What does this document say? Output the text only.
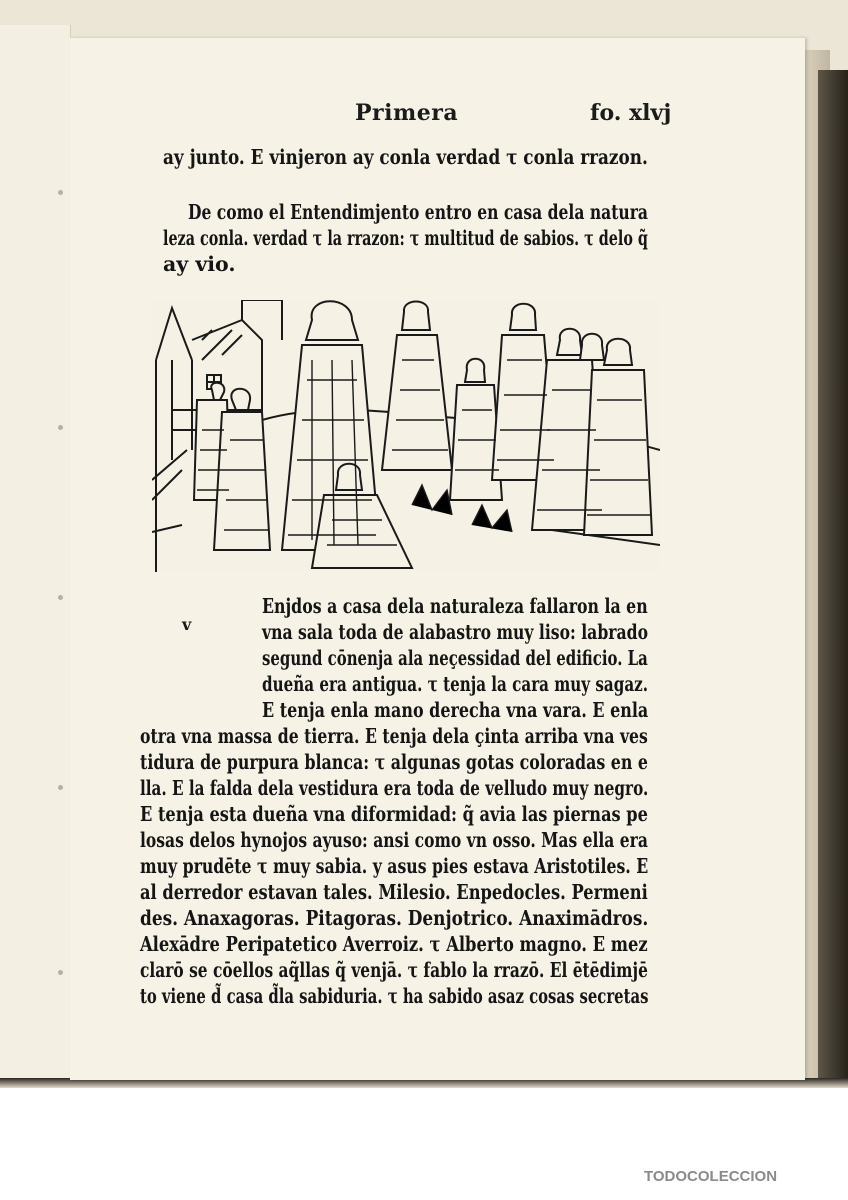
Primera	fo. xlvj
ay junto. E vinjeron ay conla verdad τ conla rrazon.
De como el Entendimjento entro en casa dela natura
leza conla. verdad τ la rrazon: τ multitud de sabios. τ delo q̃
ay vio.
v
Enjdos a casa dela naturaleza fallaron la en
vna sala toda de alabastro muy liso: labrado
segund cōnenja ala neçessidad del edificio. La
dueña era antigua. τ tenja la cara muy sagaz.
E tenja enla mano derecha vna vara. E enla
otra vna massa de tierra. E tenja dela çinta arriba vna ves
tidura de purpura blanca: τ algunas gotas coloradas en e
lla. E la falda dela vestidura era toda de velludo muy negro.
E tenja esta dueña vna diformidad: q̃ avia las piernas pe
losas delos hynojos ayuso: ansi como vn osso. Mas ella era
muy prudēte τ muy sabia. y asus pies estava Aristotiles. E
al derredor estavan tales. Milesio. Enpedocles. Permeni
des. Anaxagoras. Pitagoras. Denjotrico. Anaximādros.
Alexādre Peripatetico Averroiz. τ Alberto magno. E mez
clarō se cōellos aq̃llas q̃ venjā. τ fablo la rrazō. El ētēdimjē
to viene d̃ casa d̃la sabiduria. τ ha sabido asaz cosas secretas
TODOCOLECCION
